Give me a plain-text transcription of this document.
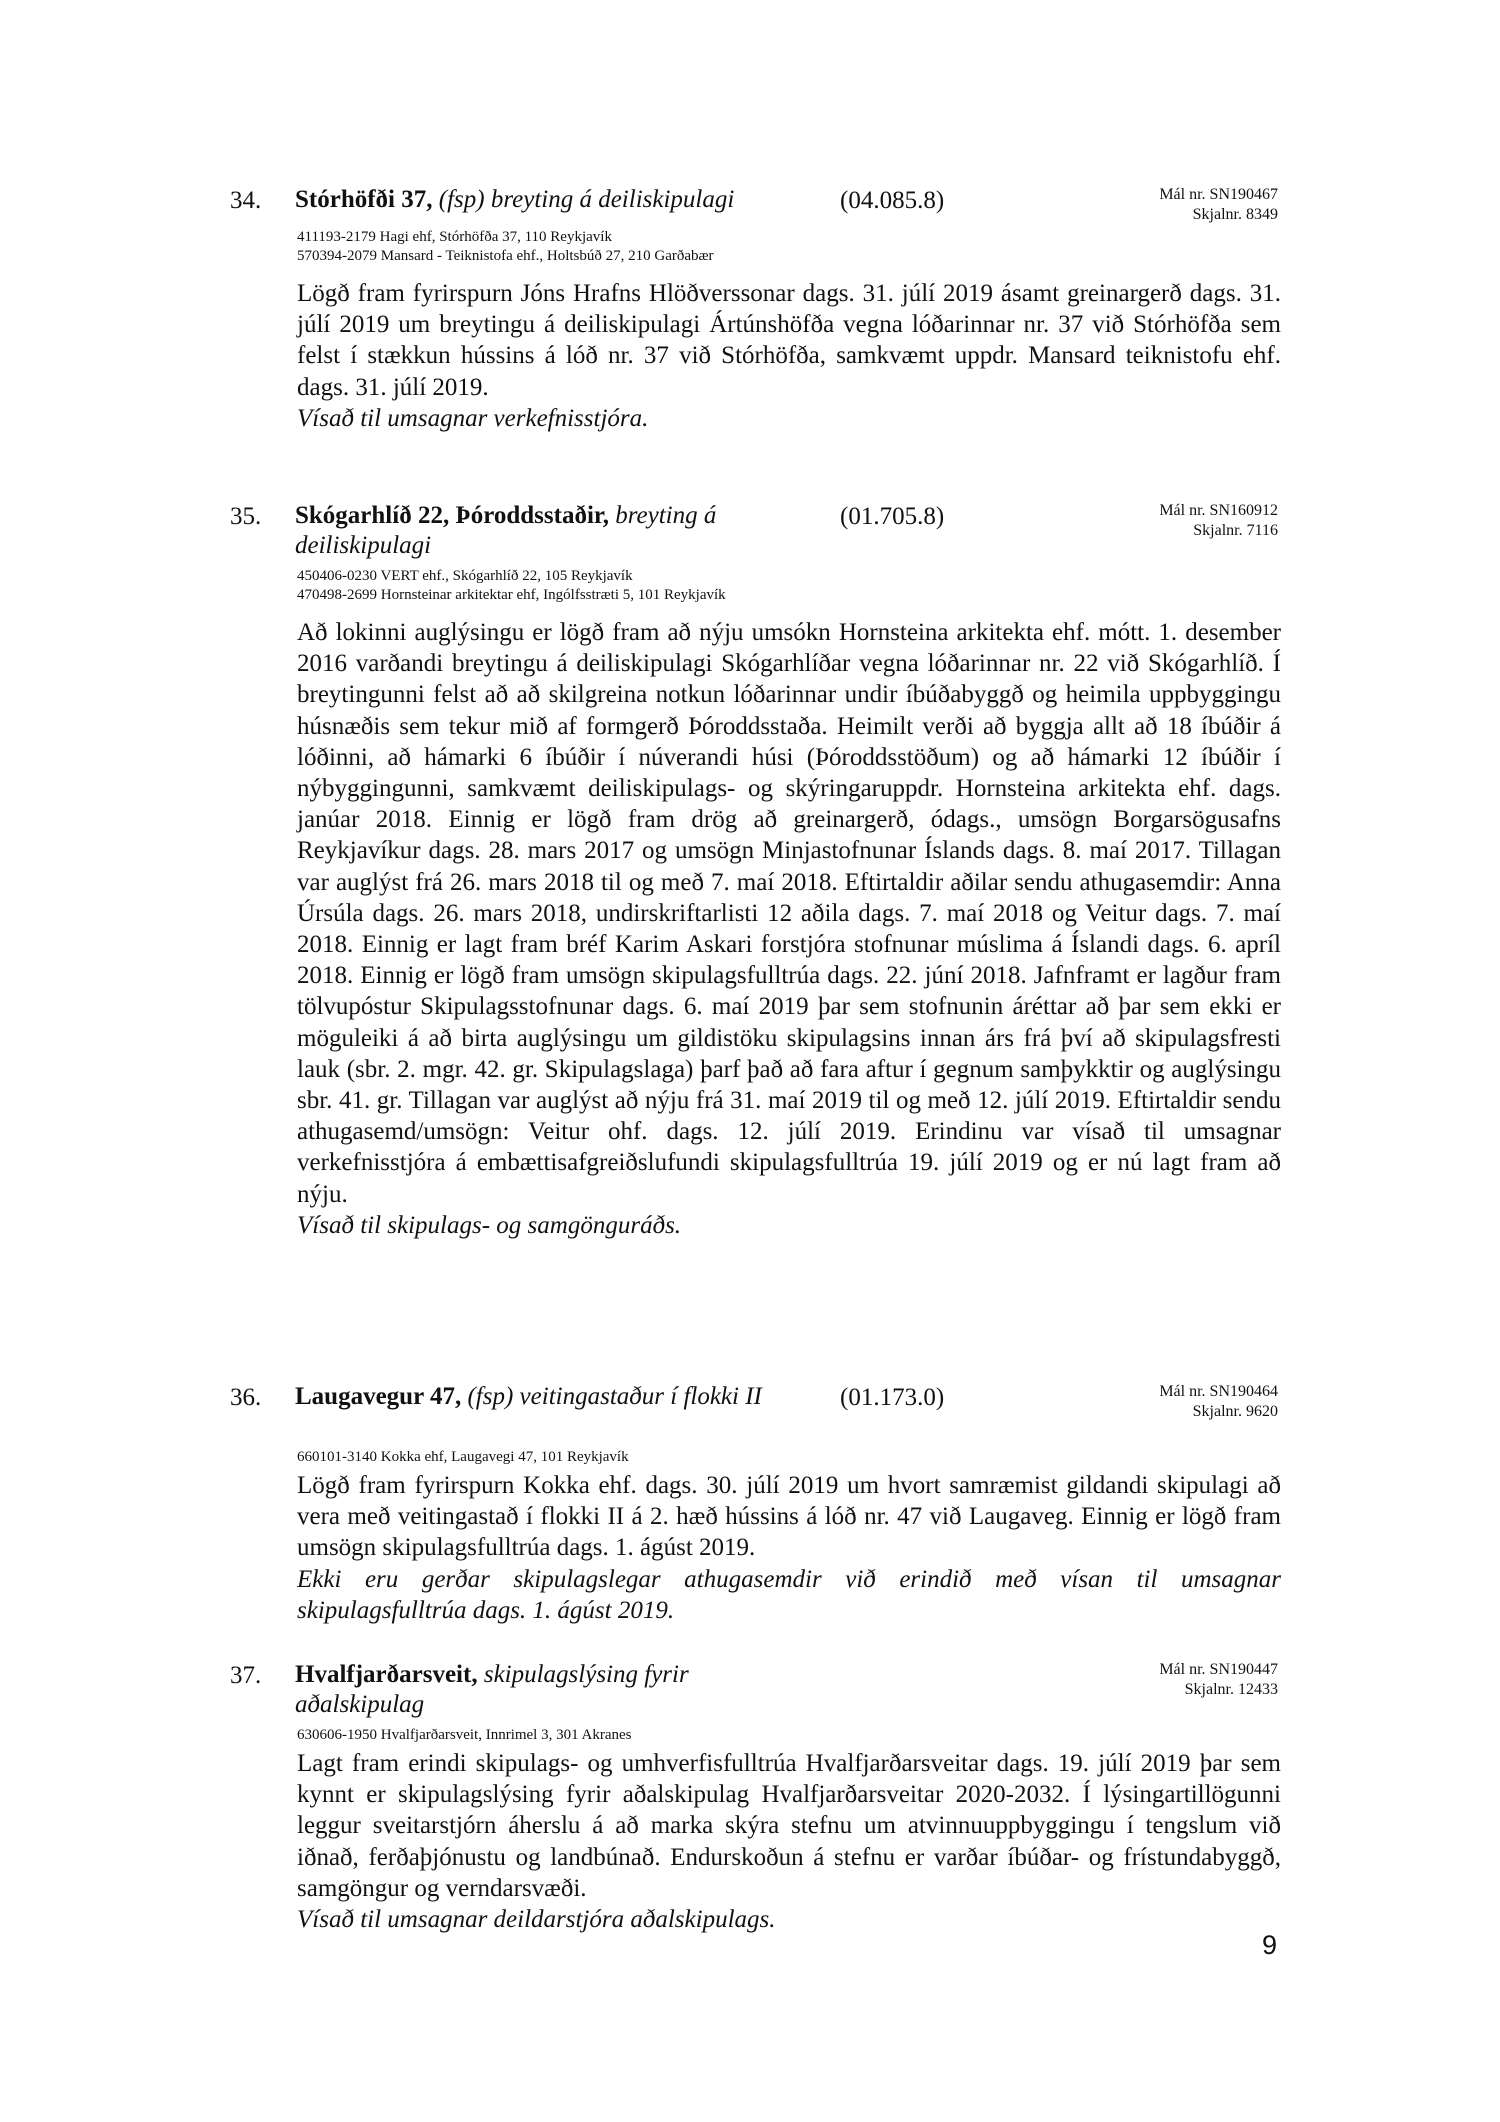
34. Stórhöfði 37, (fsp) breyting á deiliskipulagi	(04.085.8)	Mál nr. SN190467
Skjalnr. 8349
411193-2179 Hagi ehf, Stórhöfða 37, 110 Reykjavík
570394-2079 Mansard - Teiknistofa ehf., Holtsbúð 27, 210 Garðabær

Lögð fram fyrirspurn Jóns Hrafns Hlöðverssonar dags. 31. júlí 2019 ásamt greinargerð dags. 31. júlí 2019 um breytingu á deiliskipulagi Ártúnshöfða vegna lóðarinnar nr. 37 við Stórhöfða sem felst í stækkun hússins á lóð nr. 37 við Stórhöfða, samkvæmt uppdr. Mansard teiknistofu ehf. dags. 31. júlí 2019.

Vísað til umsagnar verkefnisstjóra.

35. Skógarhlíð 22, Þóroddsstaðir, breyting á deiliskipulagi
(01.705.8)	Mál nr. SN160912
Skjalnr. 7116
450406-0230 VERT ehf., Skógarhlíð 22, 105 Reykjavík
470498-2699 Hornsteinar arkitektar ehf, Ingólfsstræti 5, 101 Reykjavík

Að lokinni auglýsingu er lögð fram að nýju umsókn Hornsteina arkitekta ehf. mótt. 1. desember 2016 varðandi breytingu á deiliskipulagi Skógarhlíðar vegna lóðarinnar nr. 22 við Skógarhlíð. Í breytingunni felst að að skilgreina notkun lóðarinnar undir íbúðabyggð og heimila uppbyggingu húsnæðis sem tekur mið af formgerð Þóroddsstaða. Heimilt verði að byggja allt að 18 íbúðir á lóðinni, að hámarki 6 íbúðir í núverandi húsi (Þóroddsstöðum) og að hámarki 12 íbúðir í nýbyggingunni, samkvæmt deiliskipulags- og skýringaruppdr. Hornsteina arkitekta ehf. dags. janúar 2018. Einnig er lögð fram drög að greinargerð, ódags., umsögn Borgarsögusafns Reykjavíkur dags. 28. mars 2017 og umsögn Minjastofnunar Íslands dags. 8. maí 2017. Tillagan var auglýst frá 26. mars 2018 til og með 7. maí 2018. Eftirtaldir aðilar sendu athugasemdir: Anna Úrsúla dags. 26. mars 2018, undirskriftarlisti 12 aðila dags. 7. maí 2018 og Veitur dags. 7. maí 2018. Einnig er lagt fram bréf Karim Askari forstjóra stofnunar múslima á Íslandi dags. 6. apríl 2018. Einnig er lögð fram umsögn skipulagsfulltrúa dags. 22. júní 2018. Jafnframt er lagður fram tölvupóstur Skipulagsstofnunar dags. 6. maí 2019 þar sem stofnunin áréttar að þar sem ekki er möguleiki á að birta auglýsingu um gildistöku skipulagsins innan árs frá því að skipulagsfresti lauk (sbr. 2. mgr. 42. gr. Skipulagslaga) þarf það að fara aftur í gegnum samþykktir og auglýsingu sbr. 41. gr. Tillagan var auglýst að nýju frá 31. maí 2019 til og með 12. júlí 2019. Eftirtaldir sendu athugasemd/umsögn: Veitur ohf. dags. 12. júlí 2019. Erindinu var vísað til umsagnar verkefnisstjóra á embættisafgreiðslufundi skipulagsfulltrúa 19. júlí 2019 og er nú lagt fram að nýju.

Vísað til skipulags- og samgönguráðs.

36. Laugavegur 47, (fsp) veitingastaður í flokki II	(01.173.0)	Mál nr. SN190464
Skjalnr. 9620
660101-3140 Kokka ehf, Laugavegi 47, 101 Reykjavík

Lögð fram fyrirspurn Kokka ehf. dags. 30. júlí 2019 um hvort samræmist gildandi skipulagi að vera með veitingastað í flokki II á 2. hæð hússins á lóð nr. 47 við Laugaveg. Einnig er lögð fram umsögn skipulagsfulltrúa dags. 1. ágúst 2019.

Ekki eru gerðar skipulagslegar athugasemdir við erindið með vísan til umsagnar skipulagsfulltrúa dags. 1. ágúst 2019.

37. Hvalfjarðarsveit, skipulagslýsing fyrir aðalskipulag
Mál nr. SN190447
Skjalnr. 12433
630606-1950 Hvalfjarðarsveit, Innrimel 3, 301 Akranes

Lagt fram erindi skipulags- og umhverfisfulltrúa Hvalfjarðarsveitar dags. 19. júlí 2019 þar sem kynnt er skipulagslýsing fyrir aðalskipulag Hvalfjarðarsveitar 2020-2032. Í lýsingartillögunni leggur sveitarstjórn áherslu á að marka skýra stefnu um atvinnuuppbyggingu í tengslum við iðnað, ferðaþjónustu og landbúnað. Endurskoðun á stefnu er varðar íbúðar- og frístundabyggð, samgöngur og verndarsvæði.

Vísað til umsagnar deildarstjóra aðalskipulags.

9
